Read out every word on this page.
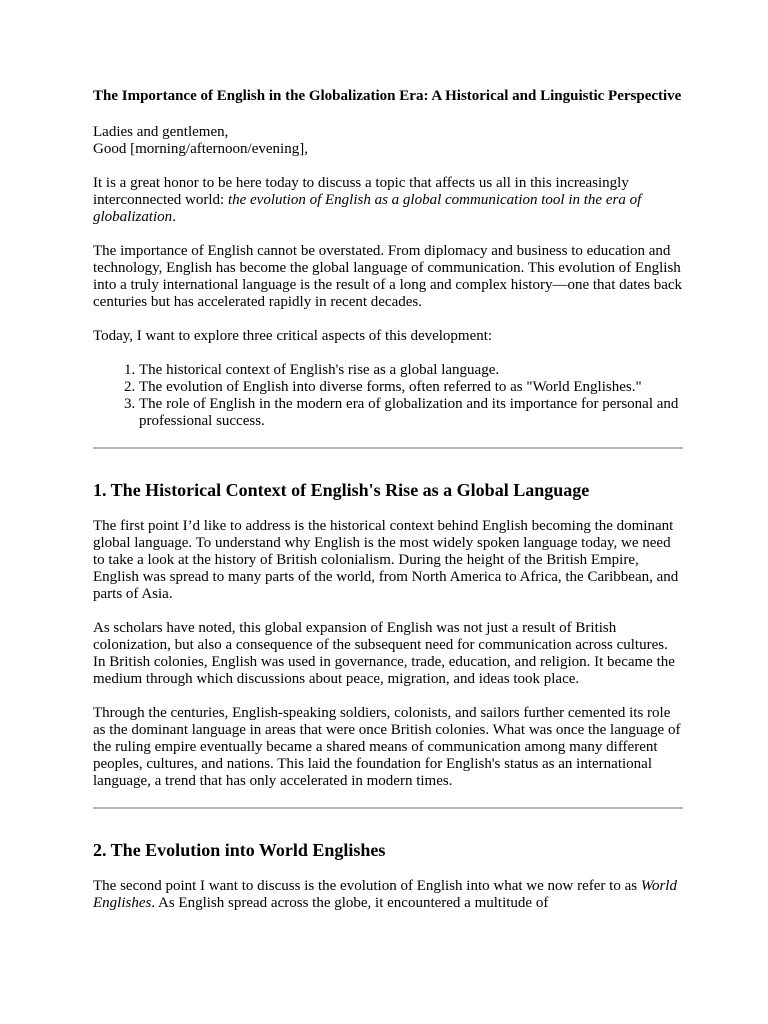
The Importance of English in the Globalization Era: A Historical and Linguistic Perspective

Ladies and gentlemen,
Good [morning/afternoon/evening],

It is a great honor to be here today to discuss a topic that affects us all in this increasingly interconnected world: the evolution of English as a global communication tool in the era of globalization.

The importance of English cannot be overstated. From diplomacy and business to education and technology, English has become the global language of communication. This evolution of English into a truly international language is the result of a long and complex history—one that dates back centuries but has accelerated rapidly in recent decades.

Today, I want to explore three critical aspects of this development:

1. The historical context of English's rise as a global language.
2. The evolution of English into diverse forms, often referred to as "World Englishes."
3. The role of English in the modern era of globalization and its importance for personal and professional success.
1. The Historical Context of English's Rise as a Global Language

The first point I’d like to address is the historical context behind English becoming the dominant global language. To understand why English is the most widely spoken language today, we need to take a look at the history of British colonialism. During the height of the British Empire, English was spread to many parts of the world, from North America to Africa, the Caribbean, and parts of Asia.

As scholars have noted, this global expansion of English was not just a result of British colonization, but also a consequence of the subsequent need for communication across cultures. In British colonies, English was used in governance, trade, education, and religion. It became the medium through which discussions about peace, migration, and ideas took place.

Through the centuries, English-speaking soldiers, colonists, and sailors further cemented its role as the dominant language in areas that were once British colonies. What was once the language of the ruling empire eventually became a shared means of communication among many different peoples, cultures, and nations. This laid the foundation for English's status as an international language, a trend that has only accelerated in modern times.

2. The Evolution into World Englishes

The second point I want to discuss is the evolution of English into what we now refer to as World Englishes. As English spread across the globe, it encountered a multitude of
